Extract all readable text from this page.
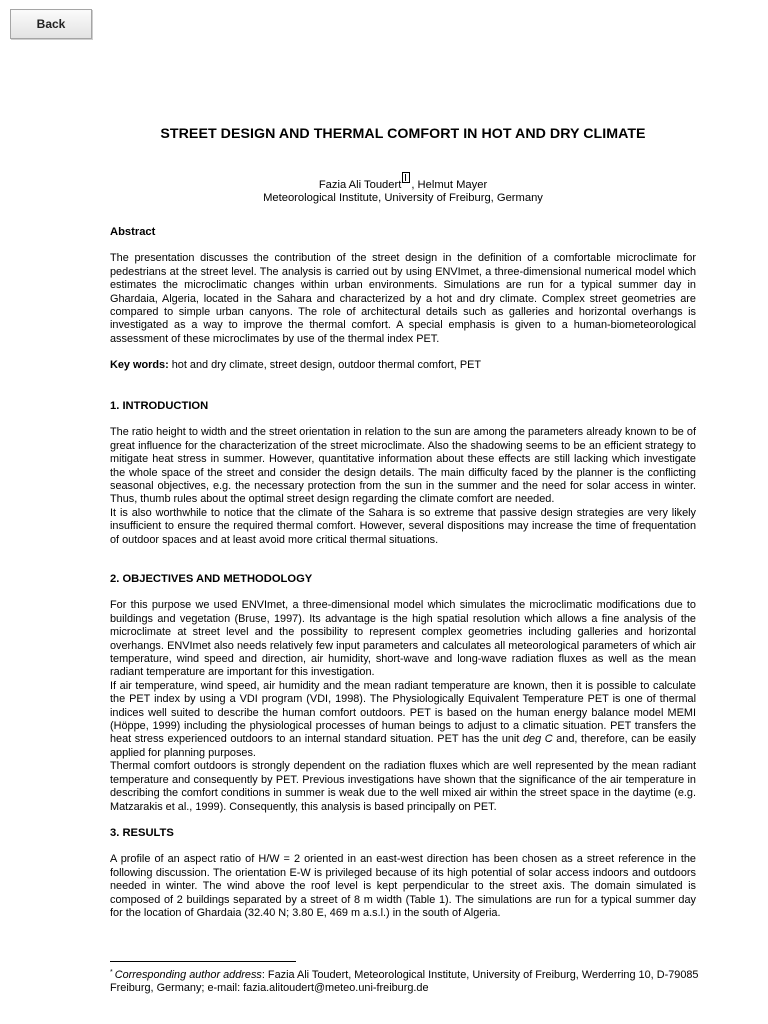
Back
STREET DESIGN AND THERMAL COMFORT IN HOT AND DRY CLIMATE
Fazia Ali Toudert , Helmut Mayer
Meteorological Institute, University of Freiburg, Germany
Abstract

The presentation discusses the contribution of the street design in the definition of a comfortable microclimate for pedestrians at the street level. The analysis is carried out by using ENVImet, a three-dimensional numerical model which estimates the microclimatic changes within urban environments. Simulations are run for a typical summer day in Ghardaia, Algeria, located in the Sahara and characterized by a hot and dry climate. Complex street geometries are compared to simple urban canyons. The role of architectural details such as galleries and horizontal overhangs is investigated as a way to improve the thermal comfort. A special emphasis is given to a human-biometeorological assessment of these microclimates by use of the thermal index PET.

Key words: hot and dry climate, street design, outdoor thermal comfort, PET

1. INTRODUCTION

The ratio height to width and the street orientation in relation to the sun are among the parameters already known to be of great influence for the characterization of the street microclimate. Also the shadowing seems to be an efficient strategy to mitigate heat stress in summer. However, quantitative information about these effects are still lacking which investigate the whole space of the street and consider the design details. The main difficulty faced by the planner is the conflicting seasonal objectives, e.g. the necessary protection from the sun in the summer and the need for solar access in winter. Thus, thumb rules about the optimal street design regarding the climate comfort are needed.

It is also worthwhile to notice that the climate of the Sahara is so extreme that passive design strategies are very likely insufficient to ensure the required thermal comfort. However, several dispositions may increase the time of frequentation of outdoor spaces and at least avoid more critical thermal situations.

2. OBJECTIVES AND METHODOLOGY

For this purpose we used ENVImet, a three-dimensional model which simulates the microclimatic modifications due to buildings and vegetation (Bruse, 1997). Its advantage is the high spatial resolution which allows a fine analysis of the microclimate at street level and the possibility to represent complex geometries including galleries and horizontal overhangs. ENVImet also needs relatively few input parameters and calculates all meteorological parameters of which air temperature, wind speed and direction, air humidity, short-wave and long-wave radiation fluxes as well as the mean radiant temperature are important for this investigation.

If air temperature, wind speed, air humidity and the mean radiant temperature are known, then it is possible to calculate the PET index by using a VDI program (VDI, 1998). The Physiologically Equivalent Temperature PET is one of thermal indices well suited to describe the human comfort outdoors. PET is based on the human energy balance model MEMI (Höppe, 1999) including the physiological processes of human beings to adjust to a climatic situation. PET transfers the heat stress experienced outdoors to an internal standard situation. PET has the unit deg C and, therefore, can be easily applied for planning purposes.

Thermal comfort outdoors is strongly dependent on the radiation fluxes which are well represented by the mean radiant temperature and consequently by PET. Previous investigations have shown that the significance of the air temperature in describing the comfort conditions in summer is weak due to the well mixed air within the street space in the daytime (e.g. Matzarakis et al., 1999). Consequently, this analysis is based principally on PET.

3. RESULTS

A profile of an aspect ratio of H/W = 2 oriented in an east-west direction has been chosen as a street reference in the following discussion. The orientation E-W is privileged because of its high potential of solar access indoors and outdoors needed in winter. The wind above the roof level is kept perpendicular to the street axis. The domain simulated is composed of 2 buildings separated by a street of 8 m width (Table 1). The simulations are run for a typical summer day for the location of Ghardaia (32.40 N; 3.80 E, 469 m a.s.l.) in the south of Algeria.

* Corresponding author address: Fazia Ali Toudert, Meteorological Institute, University of Freiburg, Werderring 10, D-79085 Freiburg, Germany; e-mail: fazia.alitoudert@meteo.uni-freiburg.de
